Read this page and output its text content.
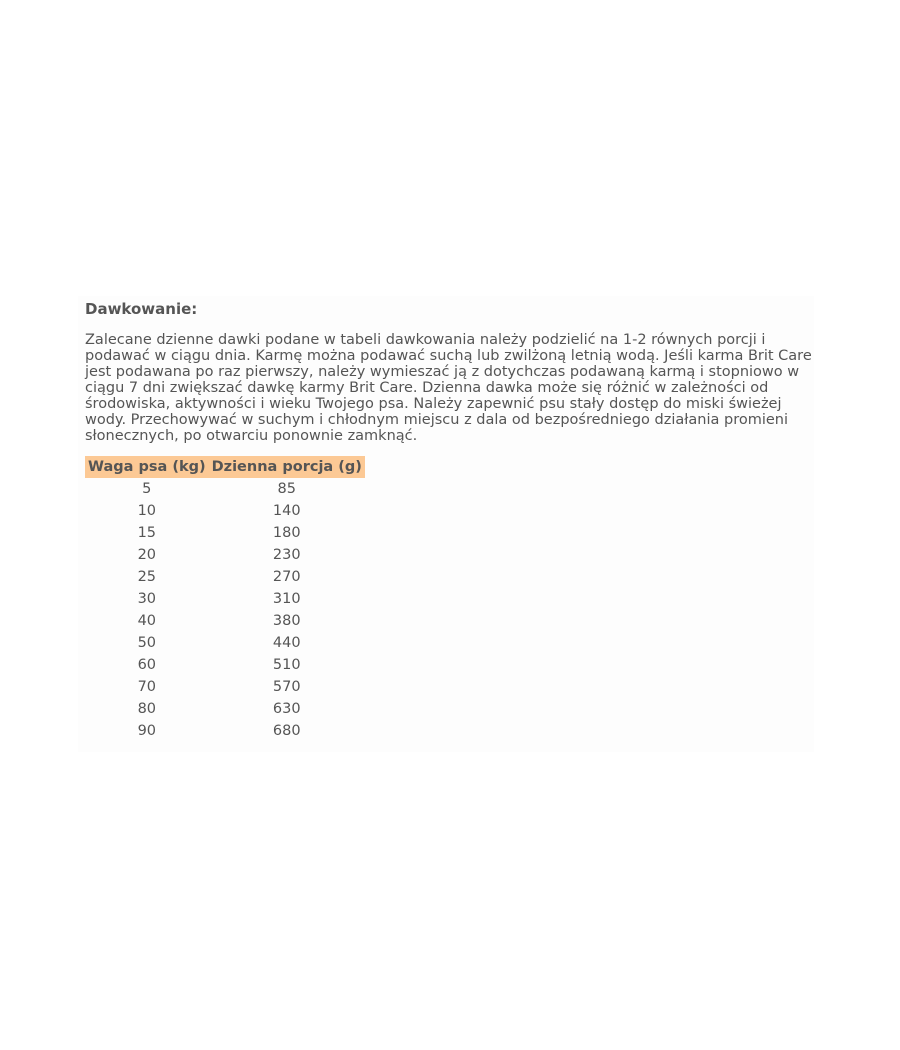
Dawkowanie:

Zalecane dzienne dawki podane w tabeli dawkowania należy podzielić na 1-2 równych porcji i podawać w ciągu dnia. Karmę można podawać suchą lub zwilżoną letnią wodą. Jeśli karma Brit Care jest podawana po raz pierwszy, należy wymieszać ją z dotychczas podawaną karmą i stopniowo w ciągu 7 dni zwiększać dawkę karmy Brit Care. Dzienna dawka może się różnić w zależności od środowiska, aktywności i wieku Twojego psa. Należy zapewnić psu stały dostęp do miski świeżej wody. Przechowywać w suchym i chłodnym miejscu z dala od bezpośredniego działania promieni słonecznych, po otwarciu ponownie zamknąć.

Waga psa (kg)	Dzienna porcja (g)
5	85
10	140
15	180
20	230
25	270
30	310
40	380
50	440
60	510
70	570
80	630
90	680
